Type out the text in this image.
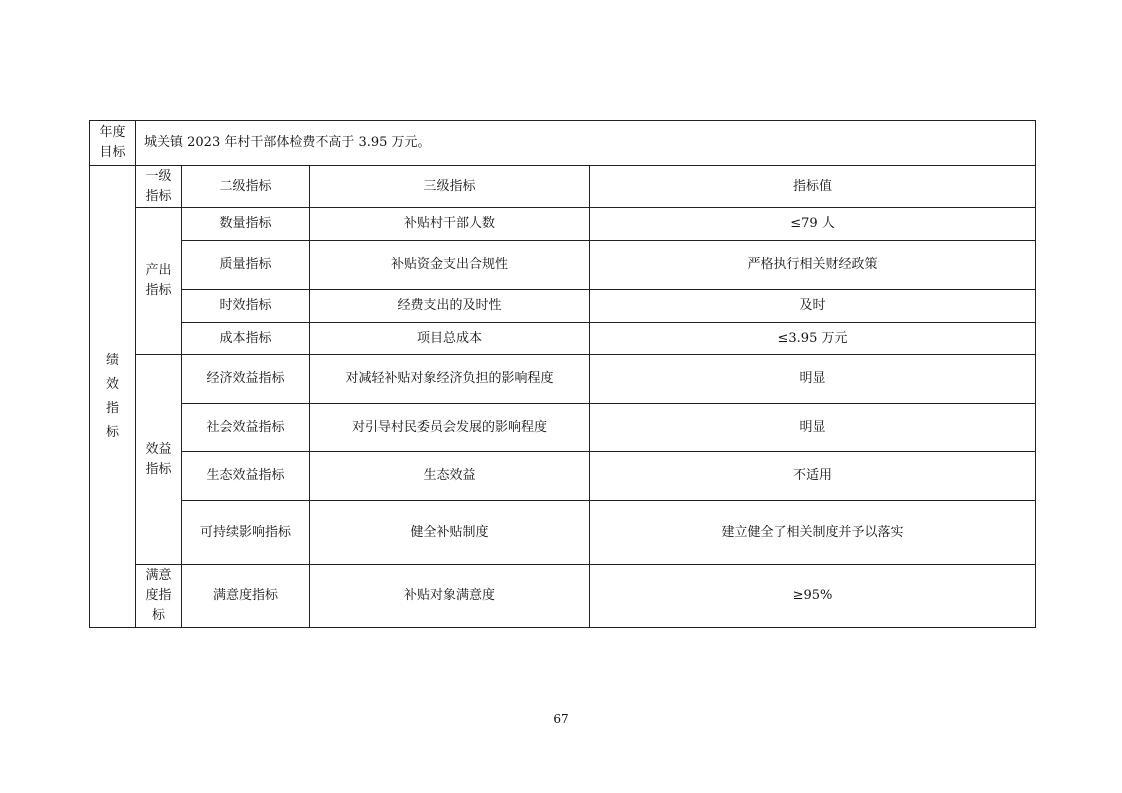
年度目标	城关镇 2023 年村干部体检费不高于 3.95 万元。			

绩效指标	一级指标	二级指标	三级指标	指标值

	产出指标	数量指标	补贴村干部人数	≤79 人
		质量指标	补贴资金支出合规性	严格执行相关财经政策
		时效指标	经费支出的及时性	及时
		成本指标	项目总成本	≤3.95 万元

	效益指标	经济效益指标	对减轻补贴对象经济负担的影响程度	明显
		社会效益指标	对引导村民委员会发展的影响程度	明显
		生态效益指标	生态效益	不适用
		可持续影响指标	健全补贴制度	建立健全了相关制度并予以落实

	满意度指标	满意度指标	补贴对象满意度	≥95%
67
